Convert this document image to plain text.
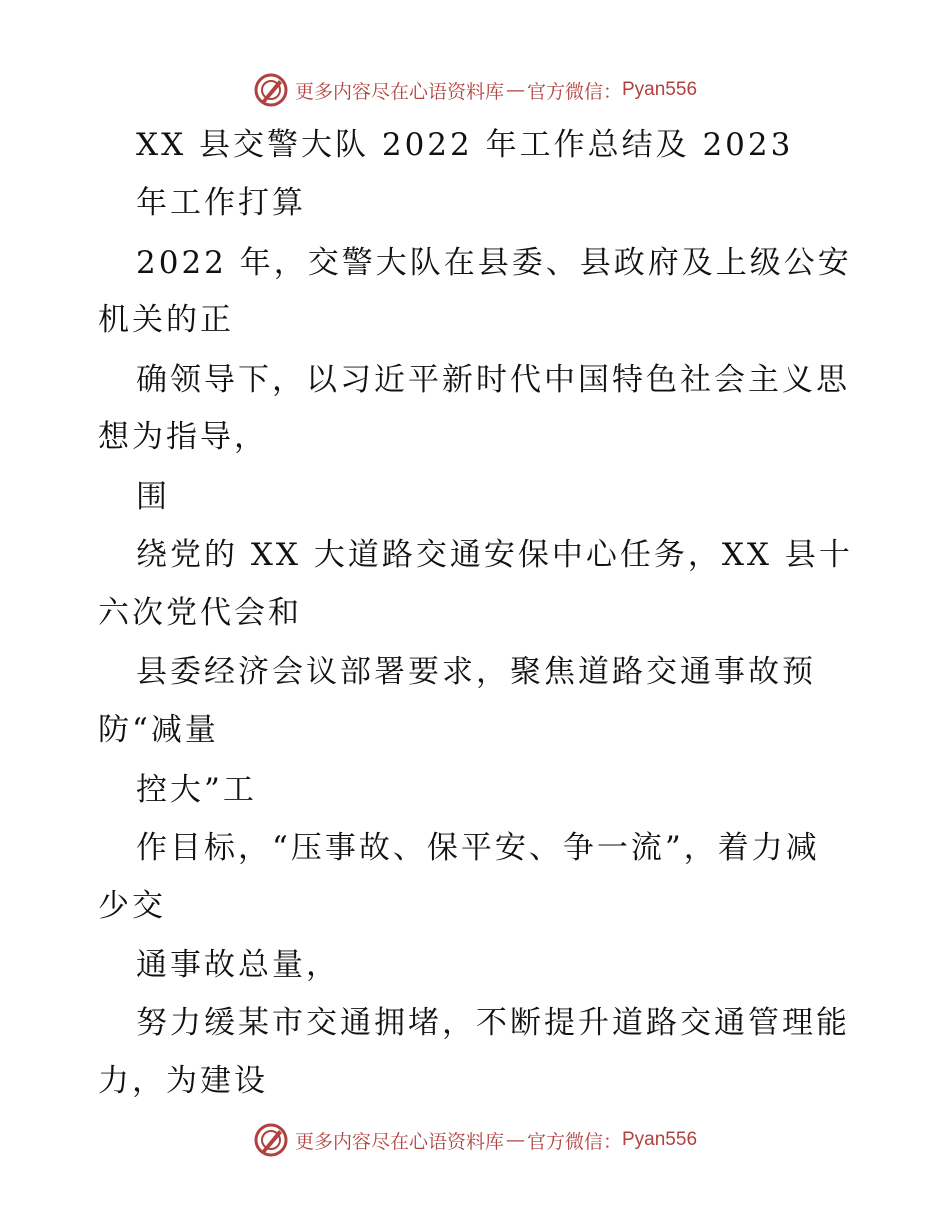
更多内容尽在心语资料库 — 官方微信： Pyan556
XX 县交警大队 2022 年工作总结及 2023
年工作打算
2022 年，交警大队在县委、县政府及上级公安
机关的正
确领导下，以习近平新时代中国特色社会主义思
想为指导，
围
绕党的 XX 大道路交通安保中心任务，XX 县十
六次党代会和
县委经济会议部署要求，聚焦道路交通事故预
防“减量
控大”工
作目标，“压事故、保平安、争一流”，着力减
少交
通事故总量，
努力缓某市交通拥堵，不断提升道路交通管理能
力，为建设
更多内容尽在心语资料库 — 官方微信： Pyan556
